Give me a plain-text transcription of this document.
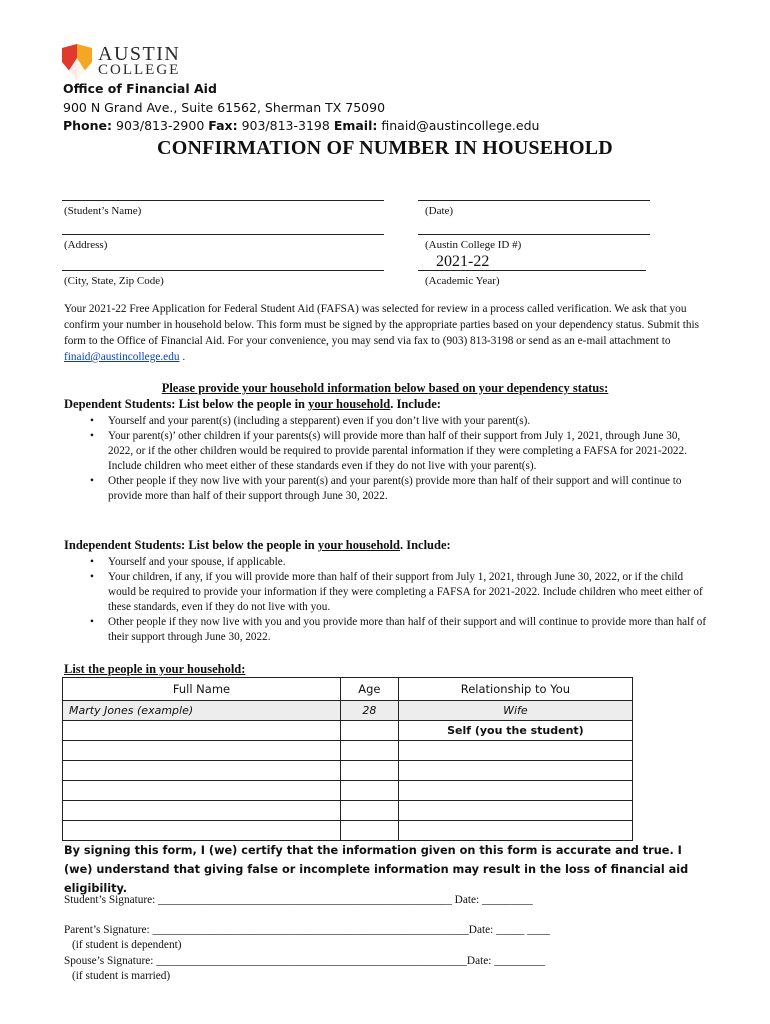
AUSTIN
COLLEGE
Office of Financial Aid
900 N Grand Ave., Suite 61562, Sherman TX 75090
Phone: 903/813-2900 Fax: 903/813-3198 Email: finaid@austincollege.edu
CONFIRMATION OF NUMBER IN HOUSEHOLD
(Student’s Name)	(Date)
(Address)	(Austin College ID #)
(City, State, Zip Code)
2021-22
(Academic Year)
Your 2021-22 Free Application for Federal Student Aid (FAFSA) was selected for review in a process called verification. We ask that you confirm your number in household below. This form must be signed by the appropriate parties based on your dependency status. Submit this form to the Office of Financial Aid. For your convenience, you may send via fax to (903) 813-3198 or send as an e-mail attachment to finaid@austincollege.edu .
Please provide your household information below based on your dependency status:
Dependent Students: List below the people in your household. Include:
• Yourself and your parent(s) (including a stepparent) even if you don’t live with your parent(s).
• Your parent(s)’ other children if your parents(s) will provide more than half of their support from July 1, 2021, through June 30, 2022, or if the other children would be required to provide parental information if they were completing a FAFSA for 2021-2022. Include children who meet either of these standards even if they do not live with your parent(s).
• Other people if they now live with your parent(s) and your parent(s) provide more than half of their support and will continue to provide more than half of their support through June 30, 2022.
Independent Students: List below the people in your household. Include:
• Yourself and your spouse, if applicable.
• Your children, if any, if you will provide more than half of their support from July 1, 2021, through June 30, 2022, or if the child would be required to provide your information if they were completing a FAFSA for 2021-2022. Include children who meet either of these standards, even if they do not live with you.
• Other people if they now live with you and you provide more than half of their support and will continue to provide more than half of their support through June 30, 2022.
List the people in your household:
Full Name	Age	Relationship to You
Marty Jones (example)	28	Wife
		Self (you the student)

By signing this form, I (we) certify that the information given on this form is accurate and true. I (we) understand that giving false or incomplete information may result in the loss of financial aid eligibility.
Student’s Signature: ____________________________________________________ Date: _________
Parent’s Signature: ________________________________________________________Date: _____ ____
(if student is dependent)
Spouse’s Signature: _______________________________________________________Date: _________
(if student is married)
